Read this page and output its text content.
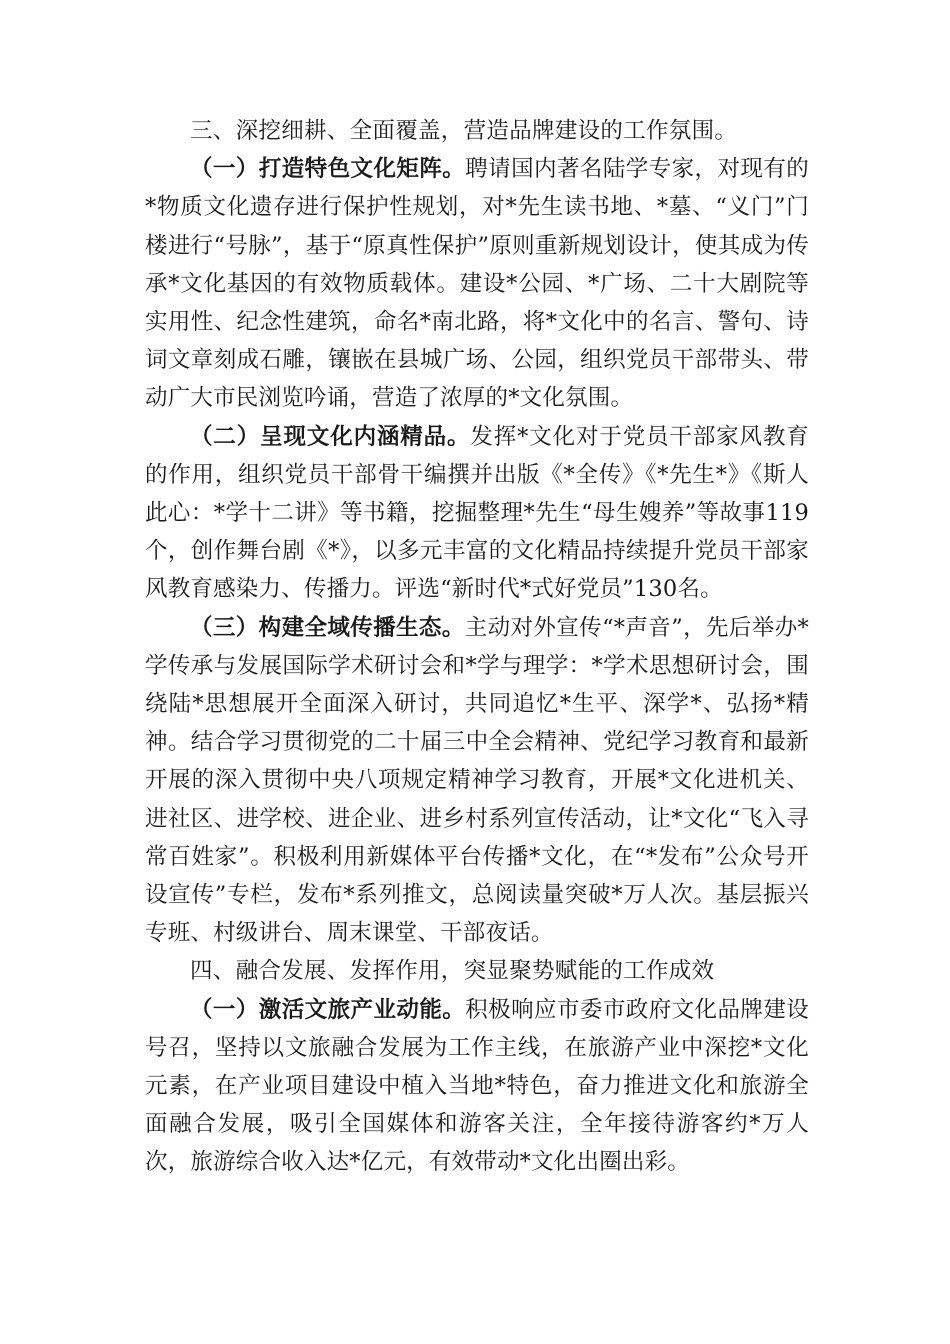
三、深挖细耕、全面覆盖，营造品牌建设的工作氛围。

（一）打造特色文化矩阵。聘请国内著名陆学专家，对现有的*物质文化遗存进行保护性规划，对*先生读书地、*墓、“义门”门楼进行“号脉”，基于“原真性保护”原则重新规划设计，使其成为传承*文化基因的有效物质载体。建设*公园、*广场、二十大剧院等实用性、纪念性建筑，命名*南北路，将*文化中的名言、警句、诗词文章刻成石雕，镶嵌在县城广场、公园，组织党员干部带头、带动广大市民浏览吟诵，营造了浓厚的*文化氛围。

（二）呈现文化内涵精品。发挥*文化对于党员干部家风教育的作用，组织党员干部骨干编撰并出版《*全传》《*先生*》《斯人此心：*学十二讲》等书籍，挖掘整理*先生“母生嫂养”等故事119个，创作舞台剧《*》，以多元丰富的文化精品持续提升党员干部家风教育感染力、传播力。评选“新时代*式好党员”130名。

（三）构建全域传播生态。主动对外宣传“*声音”，先后举办*学传承与发展国际学术研讨会和*学与理学：*学术思想研讨会，围绕陆*思想展开全面深入研讨，共同追忆*生平、深学*、弘扬*精神。结合学习贯彻党的二十届三中全会精神、党纪学习教育和最新开展的深入贯彻中央八项规定精神学习教育，开展*文化进机关、进社区、进学校、进企业、进乡村系列宣传活动，让*文化“飞入寻常百姓家”。积极利用新媒体平台传播*文化，在“*发布”公众号开设宣传”专栏，发布*系列推文，总阅读量突破*万人次。基层振兴专班、村级讲台、周末课堂、干部夜话。

四、融合发展、发挥作用，突显聚势赋能的工作成效

（一）激活文旅产业动能。积极响应市委市政府文化品牌建设号召，坚持以文旅融合发展为工作主线，在旅游产业中深挖*文化元素，在产业项目建设中植入当地*特色，奋力推进文化和旅游全面融合发展，吸引全国媒体和游客关注，全年接待游客约*万人次，旅游综合收入达*亿元，有效带动*文化出圈出彩。
